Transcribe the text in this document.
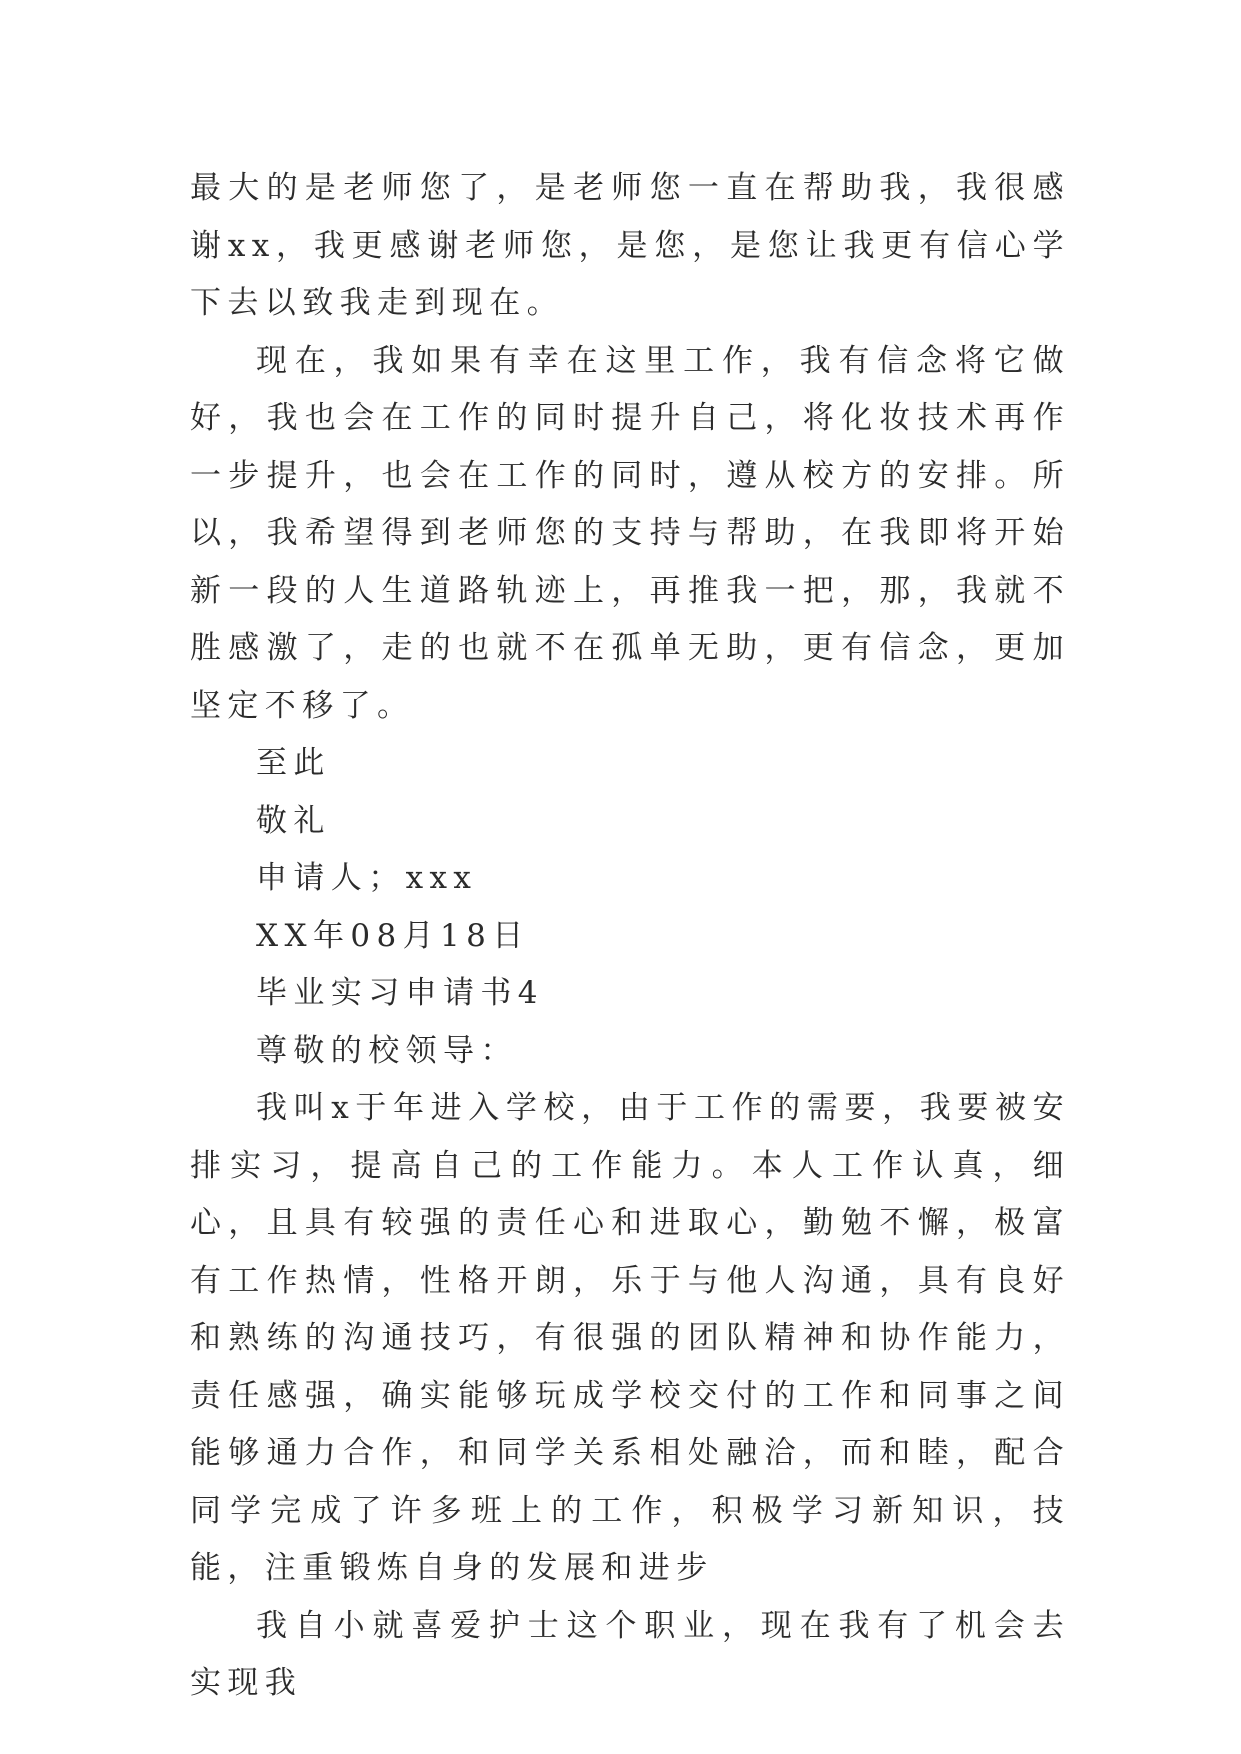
最大的是老师您了，是老师您一直在帮助我，我很感谢xx，我更感谢老师您，是您，是您让我更有信心学下去以致我走到现在。

现在，我如果有幸在这里工作，我有信念将它做好，我也会在工作的同时提升自己，将化妆技术再作一步提升，也会在工作的同时，遵从校方的安排。所以，我希望得到老师您的支持与帮助，在我即将开始新一段的人生道路轨迹上，再推我一把，那，我就不胜感激了，走的也就不在孤单无助，更有信念，更加坚定不移了。

至此

敬礼

申请人；xxx

XX年08月18日

毕业实习申请书4

尊敬的校领导：

我叫x于年进入学校，由于工作的需要，我要被安排实习，提高自己的工作能力。本人工作认真，细心，且具有较强的责任心和进取心，勤勉不懈，极富有工作热情，性格开朗，乐于与他人沟通，具有良好和熟练的沟通技巧，有很强的团队精神和协作能力，责任感强，确实能够玩成学校交付的工作和同事之间能够通力合作，和同学关系相处融洽，而和睦，配合同学完成了许多班上的工作，积极学习新知识，技能，注重锻炼自身的发展和进步

我自小就喜爱护士这个职业，现在我有了机会去实现我
